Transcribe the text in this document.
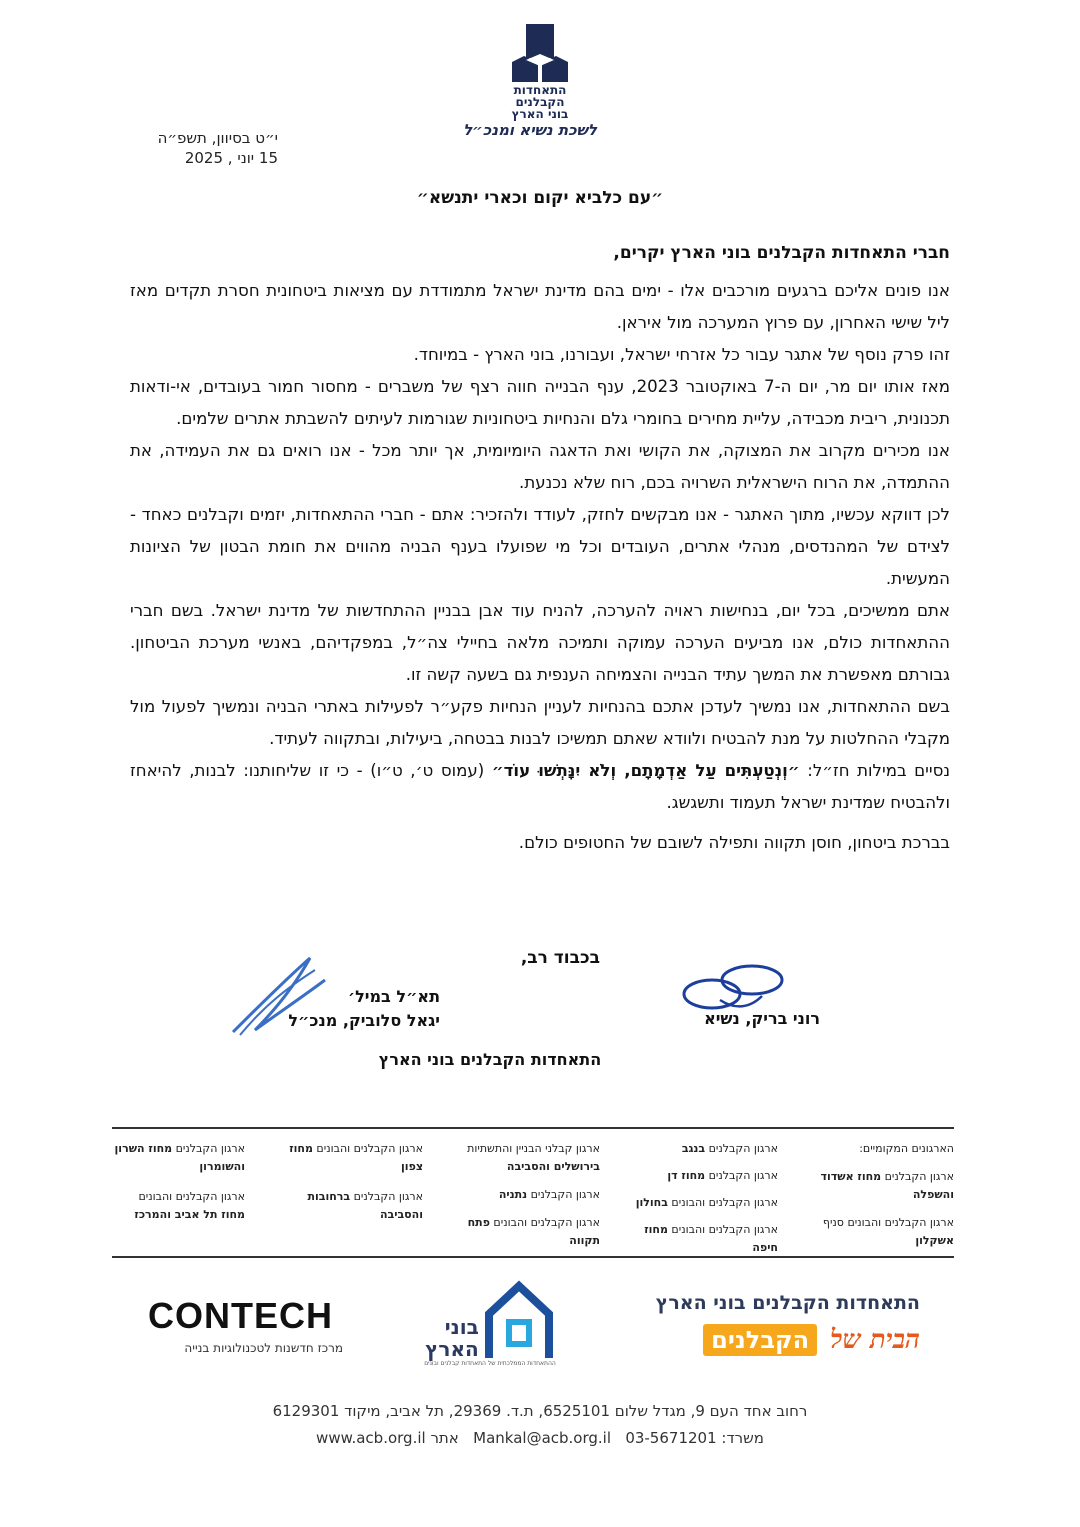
התאחדות
הקבלנים
בוני הארץ
לשכת נשיא ומנכ״ל
י״ט בסיוון, תשפ״ה
15 יוני , 2025
״עם כלביא יקום וכארי יתנשא״
חברי התאחדות הקבלנים בוני הארץ יקרים,

אנו פונים אליכם ברגעים מורכבים אלו - ימים בהם מדינת ישראל מתמודדת עם מציאות ביטחונית חסרת תקדים מאז ליל שישי האחרון, עם פרוץ המערכה מול איראן.

זהו פרק נוסף של אתגר עבור כל אזרחי ישראל, ועבורנו, בוני הארץ - במיוחד.

מאז אותו יום מר, יום ה-7 באוקטובר 2023, ענף הבנייה חווה רצף של משברים - מחסור חמור בעובדים, אי-ודאות תכנונית, ריבית מכבידה, עליית מחירים בחומרי גלם והנחיות ביטחוניות שגורמות לעיתים להשבתת אתרים שלמים.

אנו מכירים מקרוב את המצוקה, את הקושי ואת הדאגה היומיומית, אך יותר מכל - אנו רואים גם את העמידה, את ההתמדה, את הרוח הישראלית השרויה בכם, רוח שלא נכנעת.

לכן דווקא עכשיו, מתוך האתגר - אנו מבקשים לחזק, לעודד ולהזכיר: אתם - חברי ההתאחדות, יזמים וקבלנים כאחד - לצידם של המהנדסים, מנהלי אתרים, העובדים וכל מי שפועלו בענף הבניה מהווים את חומת הבטון של הציונות המעשית.

אתם ממשיכים, בכל יום, בנחישות ראויה להערכה, להניח עוד אבן בבניין ההתחדשות של מדינת ישראל. בשם חברי ההתאחדות כולם, אנו מביעים הערכה עמוקה ותמיכה מלאה בחיילי צה״ל, במפקדיהם, באנשי מערכת הביטחון. גבורתם מאפשרת את המשך עתיד הבנייה והצמיחה הענפית גם בשעה קשה זו.

בשם ההתאחדות, אנו נמשיך לעדכן אתכם בהנחיות לעניין הנחיות פקע״ר לפעילות באתרי הבניה ונמשיך לפעול מול מקבלי ההחלטות על מנת להבטיח ולוודא שאתם תמשיכו לבנות בבטחה, ביעילות, ובתקווה לעתיד.

נסיים במילות חז״ל: ״וְנְטַעְתִּים עַל אַדְמָתָם, וְלֹא יִנָּתְשׁוּ עוֹד״ (עמוס ט׳, ט״ו) - כי זו שליחותנו: לבנות, להיאחז ולהבטיח שמדינת ישראל תעמוד ותשגשג.

בברכת ביטחון, חוסן תקווה ותפילה לשובם של החטופים כולם.

בכבוד רב,
תא״ל במיל׳
יגאל סלוביק, מנכ״ל	רוני בריק, נשיא
התאחדות הקבלנים בוני הארץ
הארגונים המקומיים:
ארגון הקבלנים מחוז אשדוד והשפלה
ארגון הקבלנים והבונים סניף אשקלון
ארגון הקבלנים בנגב
ארגון הקבלנים מחוז דן
ארגון הקבלנים והבונים בחולון
ארגון הקבלנים והבונים מחוז חיפה
ארגון קבלני הבניין והתשתיות בירושלים והסביבה
ארגון הקבלנים נתניה
ארגון הקבלנים והבונים פתח תקווה
ארגון הקבלנים והבונים מחוז צפון
ארגון הקבלנים ברחובות והסביבה
ארגון הקבלנים מחוז השרון והשומרון
ארגון הקבלנים והבונים מחוז תל אביב והמרכז
CONTECH
מרכז חדשנות לטכנולוגיות בנייה
בוני
הארץ
ההתאחדות הממלכתית של התאחדות קבלנים ובונים
התאחדות הקבלנים בוני הארץ
הבית של הקבלנים
רחוב אחד העם 9, מגדל שלום 6525101, ת.ד. 29369, תל אביב, מיקוד 6129301
משרד: 03-5671201   Mankal@acb.org.il   אתר www.acb.org.il
